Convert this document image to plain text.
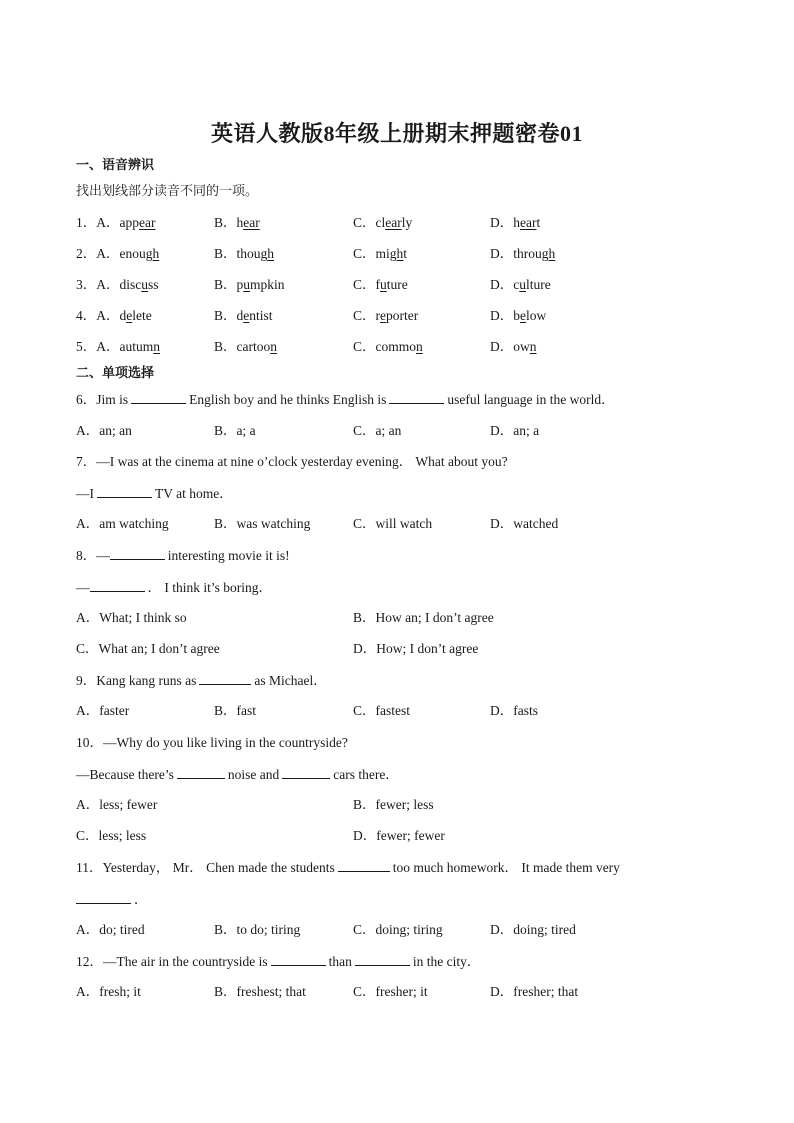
英语人教版8年级上册期末押题密卷01
一、语音辨识
找出划线部分读音不同的一项。
1．A．appear	B．hear	C．clearly	D．heart
2．A．enough	B．though	C．might	D．through
3．A．discuss	B．pumpkin	C．future	D．culture
4．A．delete	B．dentist	C．reporter	D．below
5．A．autumn	B．cartoon	C．common	D．own
二、单项选择
6．Jim is	English boy and he thinks English is	useful language in the world．
A．an; an	B．a; a	C．a; an	D．an; a
7．—I was at the cinema at nine o’clock yesterday evening． What about you?
—I	TV at home．
A．am watching	B．was watching	C．will watch	D．watched
8．—	interesting movie it is!
—	． I think it’s boring．
A．What; I think so	B．How an; I don’t agree
C．What an; I don’t agree	D．How; I don’t agree
9．Kang kang runs as	as Michael．
A．faster	B．fast	C．fastest	D．fasts
10．—Why do you like living in the countryside?
—Because there’s	noise and	cars there．
A．less; fewer	B．fewer; less
C．less; less	D．fewer; fewer
11．Yesterday， Mr． Chen made the students	too much homework． It made them very
．
A．do; tired	B．to do; tiring	C．doing; tiring	D．doing; tired
12．—The air in the countryside is	than	in the city．
A．fresh; it	B．freshest; that	C．fresher; it	D．fresher; that
